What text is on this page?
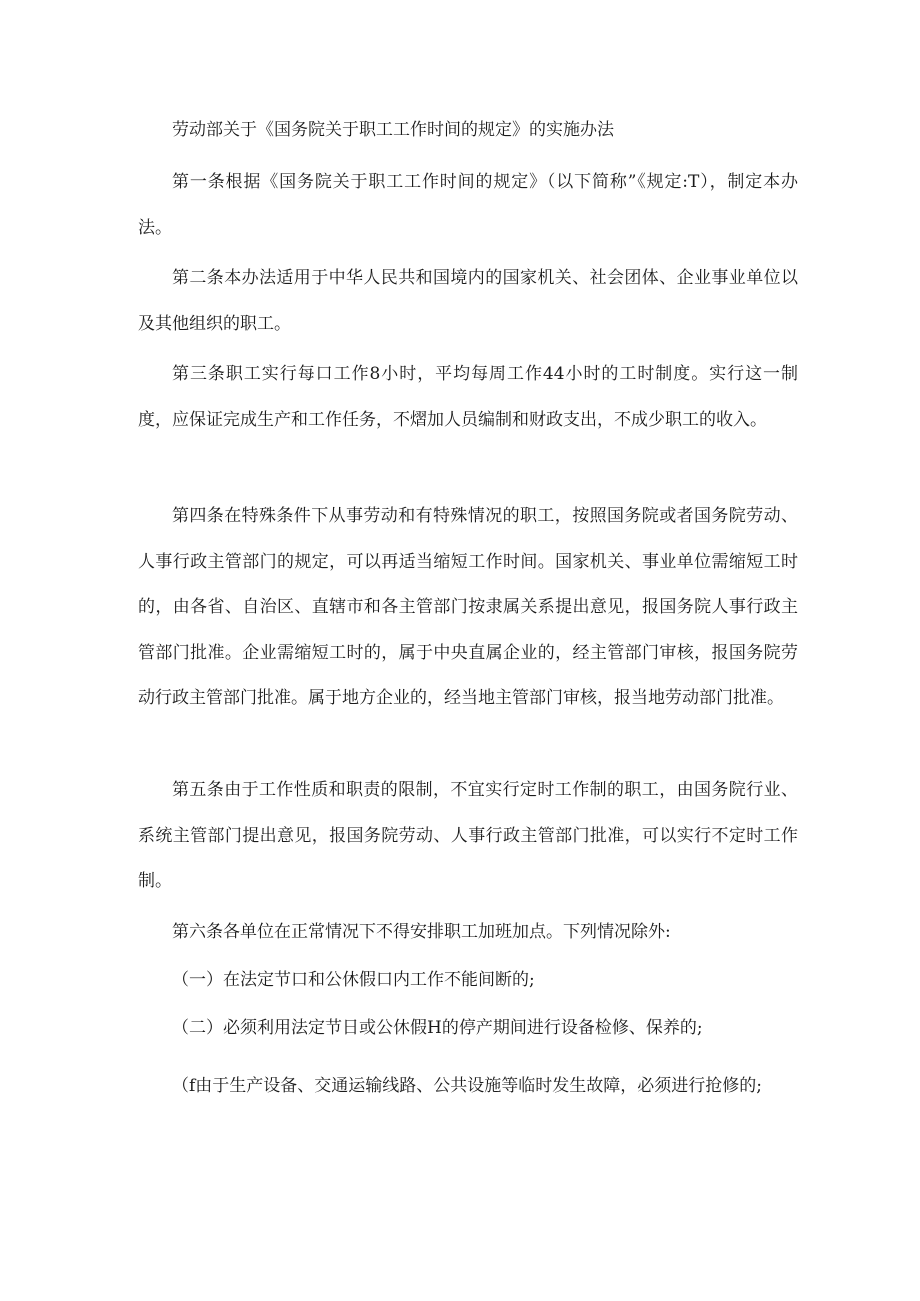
劳动部关于《国务院关于职工工作时间的规定》的实施办法

第一条根据《国务院关于职工工作时间的规定》（以下简称”《规定:T），制定本办法。

第二条本办法适用于中华人民共和国境内的国家机关、社会团体、企业事业单位以及其他组织的职工。

第三条职工实行每口工作8小时，平均每周工作44小时的工时制度。实行这一制度，应保证完成生产和工作任务，不熠加人员编制和财政支出，不成少职工的收入。

第四条在特殊条件下从事劳动和有特殊情况的职工，按照国务院或者国务院劳动、人事行政主管部门的规定，可以再适当缩短工作时间。国家机关、事业单位需缩短工时的，由各省、自治区、直辖市和各主管部门按隶属关系提出意见，报国务院人事行政主管部门批准。企业需缩短工时的，属于中央直属企业的，经主管部门审核，报国务院劳动行政主管部门批准。属于地方企业的，经当地主管部门审核，报当地劳动部门批准。

第五条由于工作性质和职责的限制，不宜实行定时工作制的职工，由国务院行业、系统主管部门提出意见，报国务院劳动、人事行政主管部门批准，可以实行不定时工作制。

第六条各单位在正常情况下不得安排职工加班加点。下列情况除外:

（一）在法定节口和公休假口内工作不能间断的;

（二）必须利用法定节日或公休假H的停产期间进行设备检修、保养的;

（f由于生产设备、交通运输线路、公共设施等临时发生故障，必须进行抢修的;
